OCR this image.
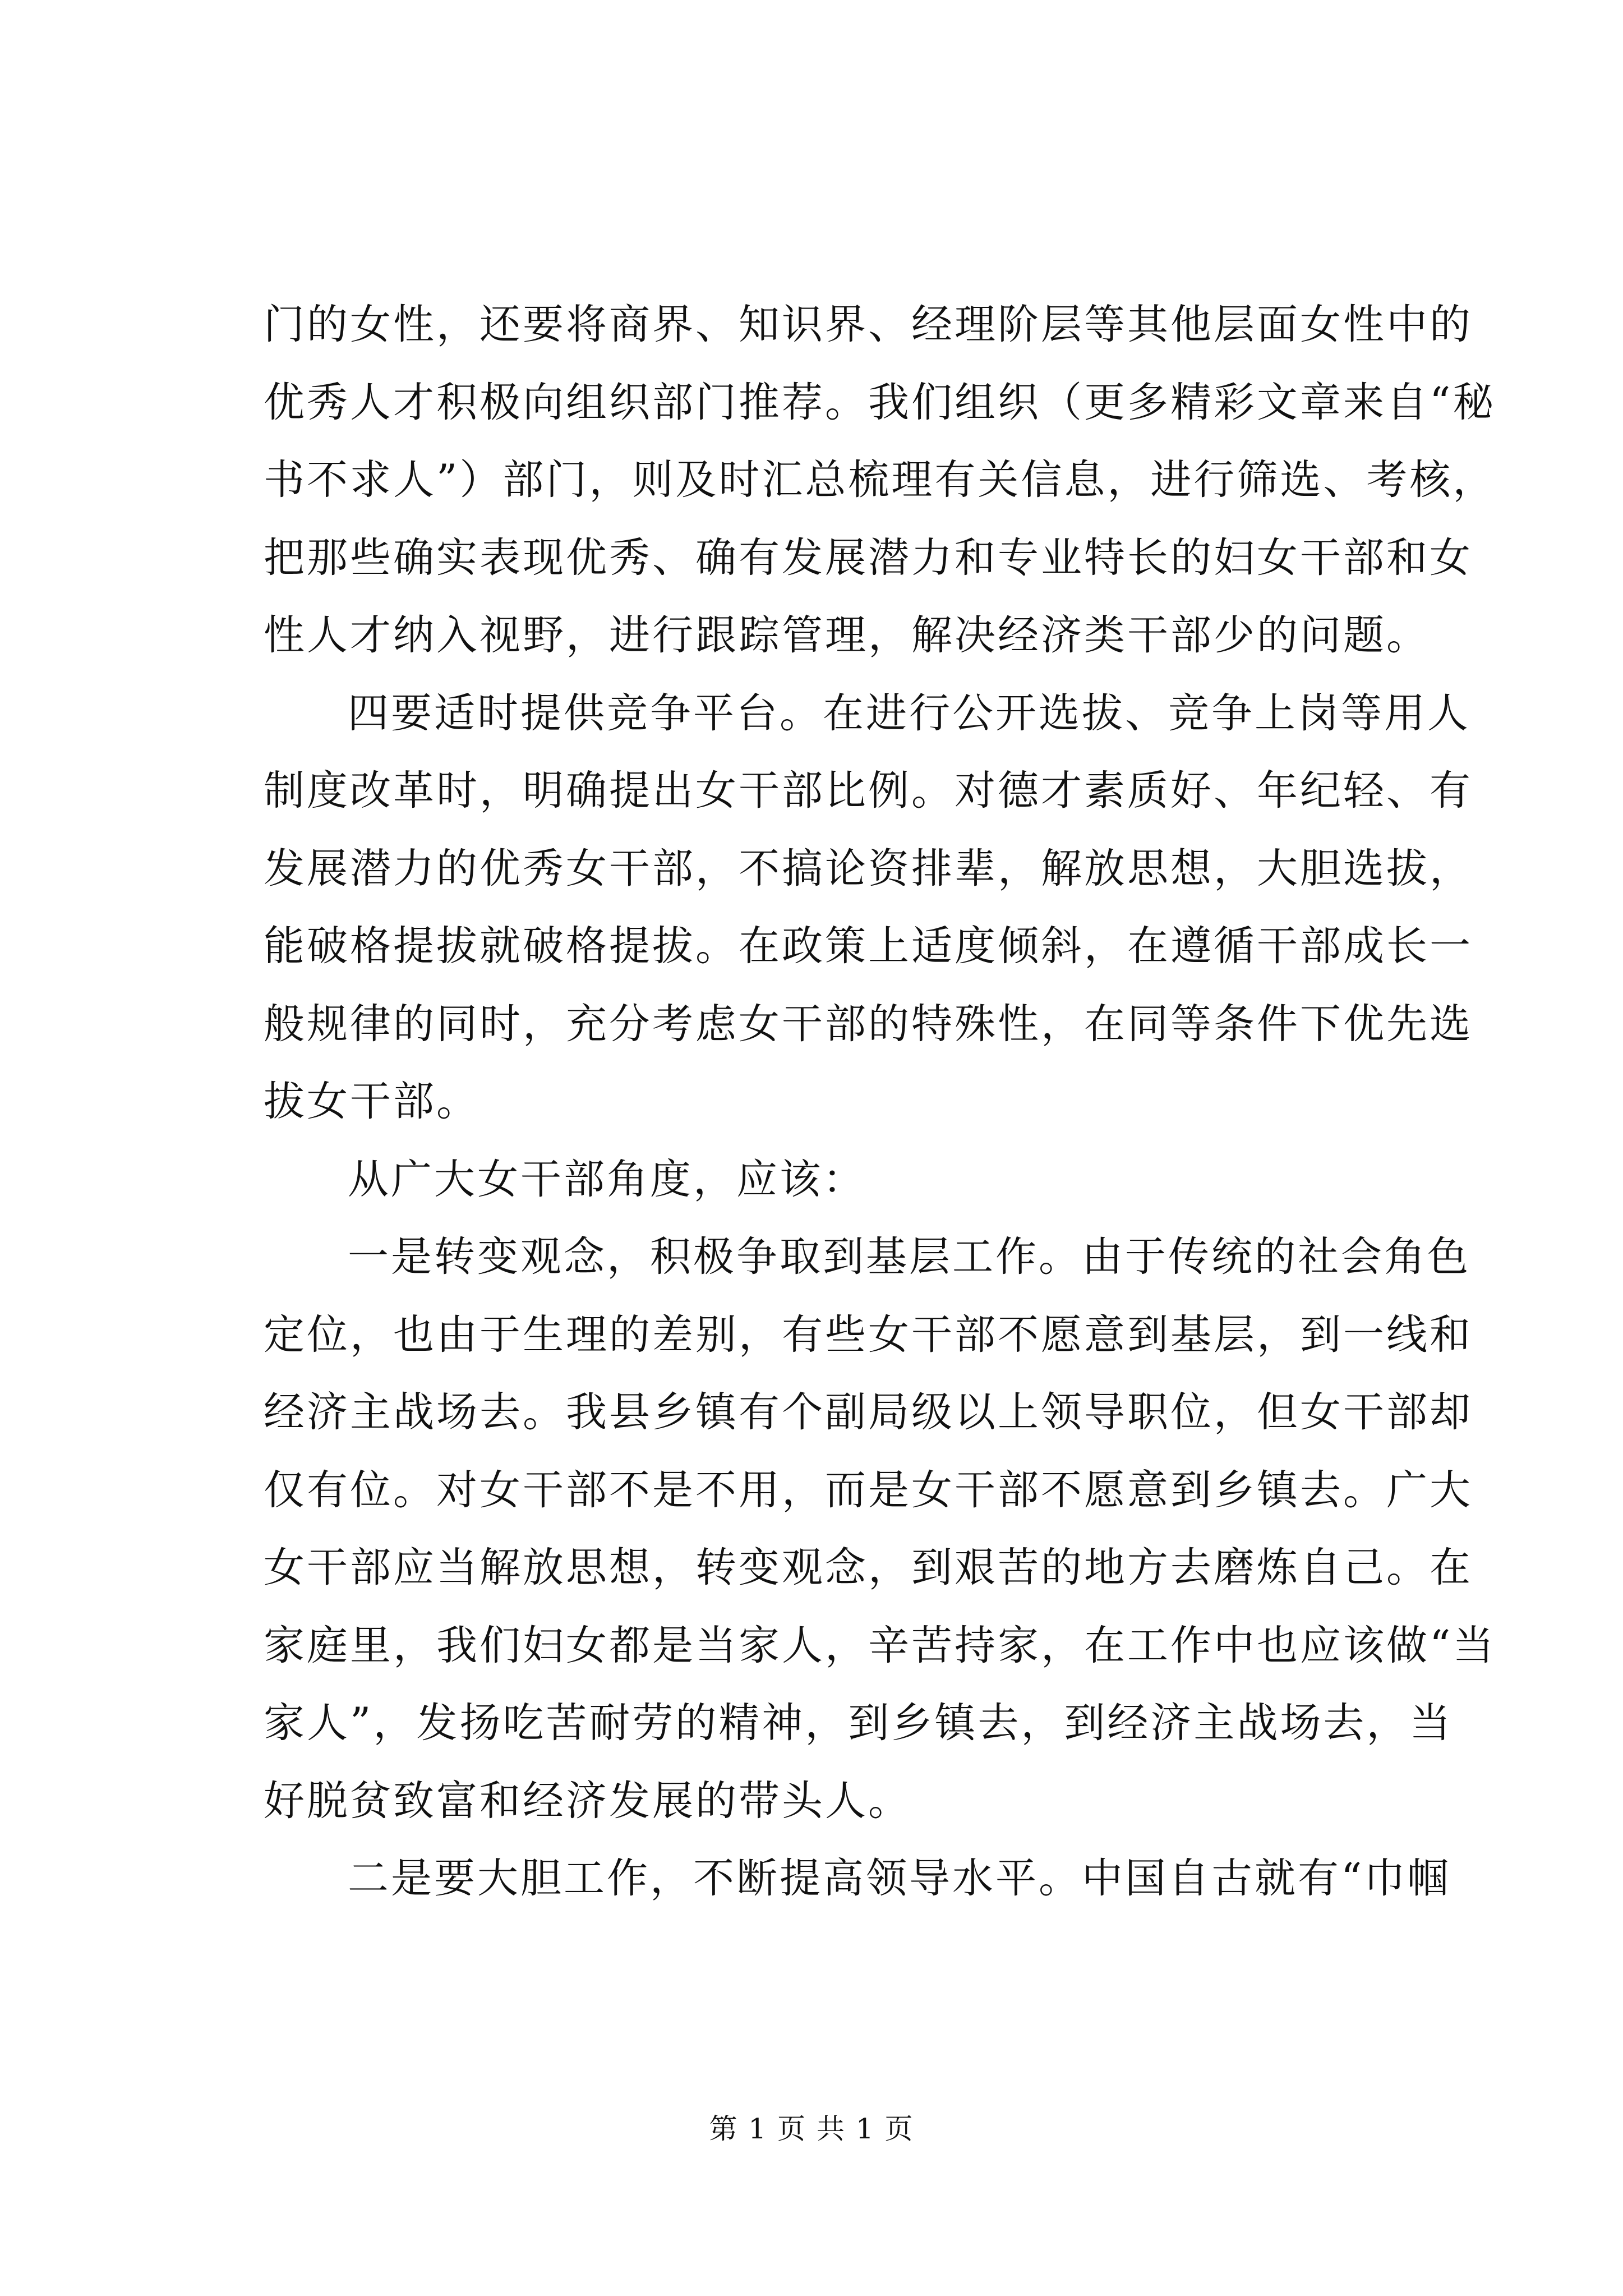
门的女性，还要将商界、知识界、经理阶层等其他层面女性中的
优秀人才积极向组织部门推荐。我们组织（更多精彩文章来自“秘
书不求人”）部门，则及时汇总梳理有关信息，进行筛选、考核，
把那些确实表现优秀、确有发展潜力和专业特长的妇女干部和女
性人才纳入视野，进行跟踪管理，解决经济类干部少的问题。
四要适时提供竞争平台。在进行公开选拔、竞争上岗等用人
制度改革时，明确提出女干部比例。对德才素质好、年纪轻、有
发展潜力的优秀女干部，不搞论资排辈，解放思想，大胆选拔，
能破格提拔就破格提拔。在政策上适度倾斜，在遵循干部成长一
般规律的同时，充分考虑女干部的特殊性，在同等条件下优先选
拔女干部。
从广大女干部角度，应该：
一是转变观念，积极争取到基层工作。由于传统的社会角色
定位，也由于生理的差别，有些女干部不愿意到基层，到一线和
经济主战场去。我县乡镇有个副局级以上领导职位，但女干部却
仅有位。对女干部不是不用，而是女干部不愿意到乡镇去。广大
女干部应当解放思想，转变观念，到艰苦的地方去磨炼自己。在
家庭里，我们妇女都是当家人，辛苦持家，在工作中也应该做“当
家人”，发扬吃苦耐劳的精神，到乡镇去，到经济主战场去，当
好脱贫致富和经济发展的带头人。
二是要大胆工作，不断提高领导水平。中国自古就有“巾帼
第 1 页 共 1 页
